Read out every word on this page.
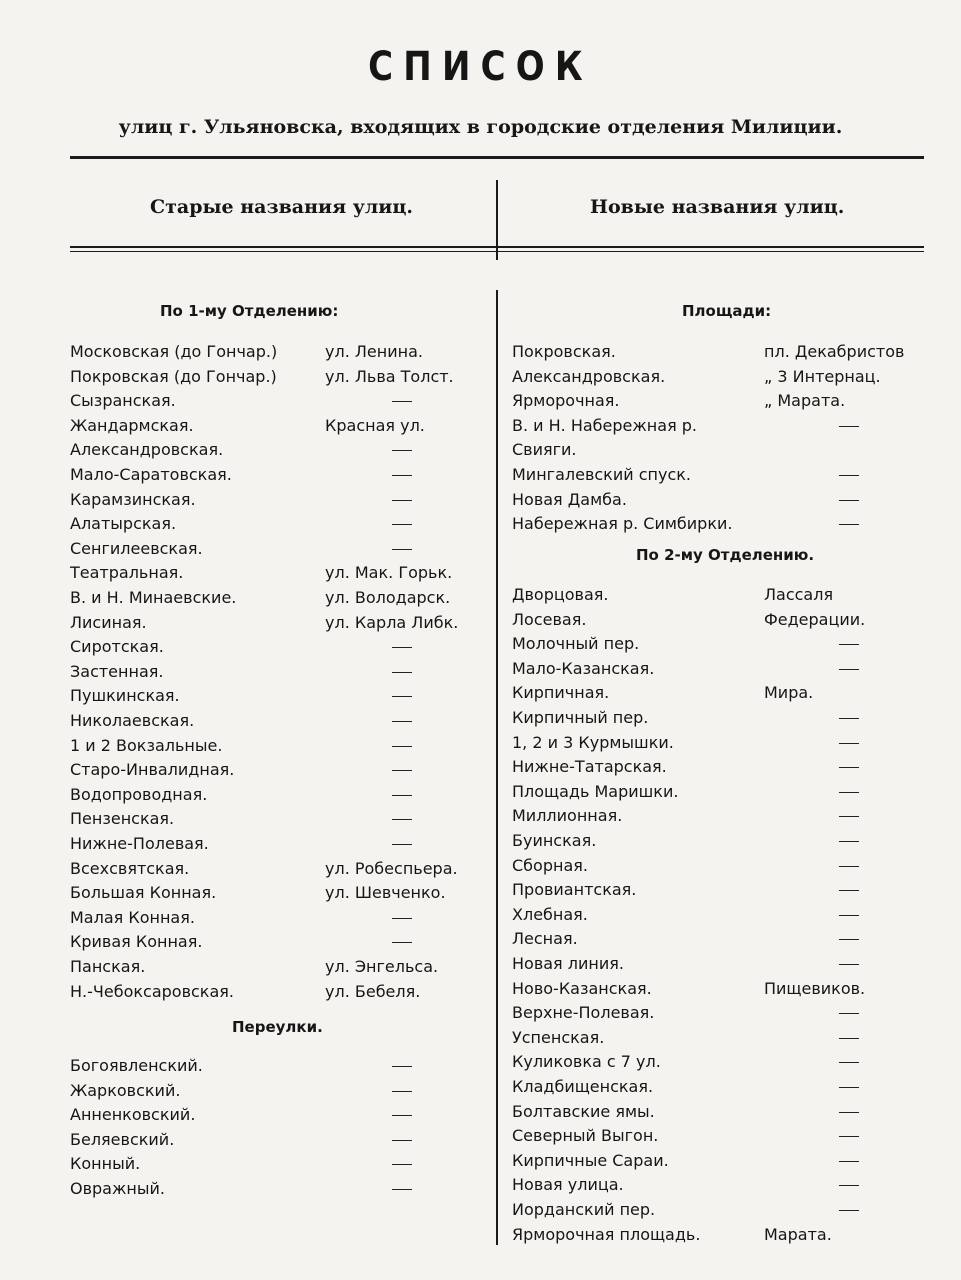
СПИСОК
улиц г. Ульяновска, входящих в городские отделения Милиции.
Старые названия улиц.	Новые названия улиц.
По 1-му Отделению:	Площади:
Московская (до Гончар.)	ул. Ленина.
Покровская (до Гончар.)	ул. Льва Толст.
Сызранская.
Жандармская.	Красная ул.
Александровская.
Мало-Саратовская.
Карамзинская.
Алатырская.
Сенгилеевская.
Театральная.	ул. Мак. Горьк.
В. и Н. Минаевские.	ул. Володарск.
Лисиная.	ул. Карла Либк.
Сиротская.
Застенная.
Пушкинская.
Николаевская.
1 и 2 Вокзальные.
Старо-Инвалидная.
Водопроводная.
Пензенская.
Нижне-Полевая.
Всехсвятская.	ул. Робеспьера.
Большая Конная.	ул. Шевченко.
Малая Конная.
Кривая Конная.
Панская.	ул. Энгельса.
Н.-Чебоксаровская.	ул. Бебеля.
Переулки.
Богоявленский.
Жарковский.
Анненковский.
Беляевский.
Конный.
Овражный.
Покровская.	пл. Декабристов
Александровская.	„ 3 Интернац.
Ярморочная.	„ Марата.
В. и Н. Набережная р.
Свияги.
Мингалевский спуск.
Новая Дамба.
Набережная р. Симбирки.
По 2-му Отделению.
Дворцовая.	Лассаля
Лосевая.	Федерации.
Молочный пер.
Мало-Казанская.
Кирпичная.	Мира.
Кирпичный пер.
1, 2 и 3 Курмышки.
Нижне-Татарская.
Площадь Маришки.
Миллионная.
Буинская.
Сборная.
Провиантская.
Хлебная.
Лесная.
Новая линия.
Ново-Казанская.	Пищевиков.
Верхне-Полевая.
Успенская.
Куликовка с 7 ул.
Кладбищенская.
Болтавские ямы.
Северный Выгон.
Кирпичные Сараи.
Новая улица.
Иорданский пер.
Ярморочная площадь.	Марата.
